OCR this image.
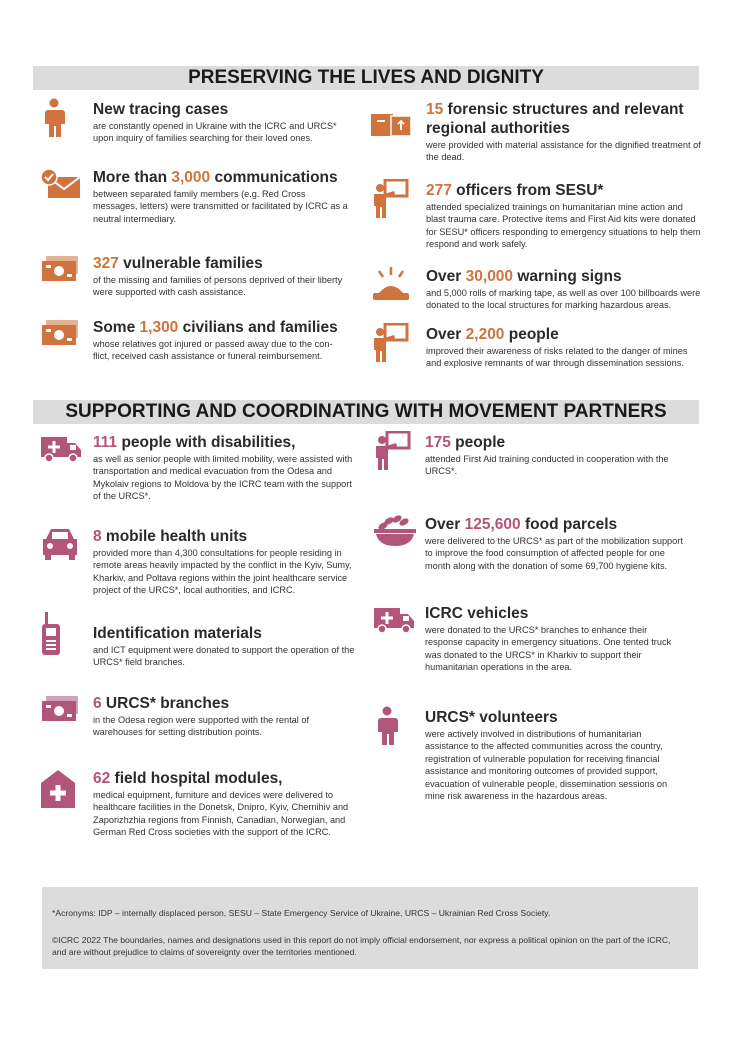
PRESERVING THE LIVES AND DIGNITY
SUPPORTING AND COORDINATING WITH MOVEMENT PARTNERS
New tracing cases
are constantly opened in Ukraine with the ICRC and URCS* upon inquiry of families searching for their loved ones.
More than 3,000 communications
between separated family members (e.g. Red Cross messages, letters) were transmitted or facilitated by ICRC as a neutral intermediary.
327 vulnerable families
of the missing and families of persons deprived of their liberty were supported with cash assistance.
Some 1,300 civilians and families
whose relatives got injured or passed away due to the con- flict, received cash assistance or funeral reimbursement.
15 forensic structures and relevant regional authorities
were provided with material assistance for the dignified treatment of the dead.
277 officers from SESU*
attended specialized trainings on humanitarian mine action and blast trauma care. Protective items and First Aid kits were donated for SESU* officers responding to emergency situations to help them respond and work safely.
Over 30,000 warning signs
and 5,000 rolls of marking tape, as well as over 100 billboards were donated to the local structures for marking hazardous areas.
Over 2,200 people
improved their awareness of risks related to the danger of mines and explosive remnants of war through dissemination sessions.
111 people with disabilities,
as well as senior people with limited mobility, were assisted with transportation and medical evacuation from the Odesa and Mykolaiv regions to Moldova by the ICRC team with the support of the URCS*.
8 mobile health units
provided more than 4,300 consultations for people residing in remote areas heavily impacted by the conflict in the Kyiv, Sumy, Kharkiv, and Poltava regions within the joint healthcare service project of the URCS*, local authorities, and ICRC.
Identification materials
and ICT equipment were donated to support the operation of the URCS* field branches.
6 URCS* branches
in the Odesa region were supported with the rental of warehouses for setting distribution points.
62 field hospital modules,
medical equipment, furniture and devices were delivered to healthcare facilities in the Donetsk, Dnipro, Kyiv, Chernihiv and Zaporizhzhia regions from Finnish, Canadian, Norwegian, and German Red Cross societies with the support of the ICRC.
175 people
attended First Aid training conducted in cooperation with the URCS*.
Over 125,600 food parcels
were delivered to the URCS* as part of the mobilization support to improve the food consumption of affected people for one month along with the donation of some 69,700 hygiene kits.
ICRC vehicles
were donated to the URCS* branches to enhance their response capacity in emergency situations. One tented truck was donated to the URCS* in Kharkiv to support their humanitarian operations in the area.
URCS* volunteers
were actively involved in distributions of humanitarian assistance to the affected communities across the country, registration of vulnerable population for receiving financial assistance and monitoring outcomes of provided support, evacuation of vulnerable people, dissemination sessions on mine risk awareness in the hazardous areas.

*Acronyms: IDP – internally displaced person, SESU – State Emergency Service of Ukraine, URCS – Ukrainian Red Cross Society.

©ICRC 2022 The boundaries, names and designations used in this report do not imply official endorsement, nor express a political opinion on the part of the ICRC, and are without prejudice to claims of sovereignty over the territories mentioned.
